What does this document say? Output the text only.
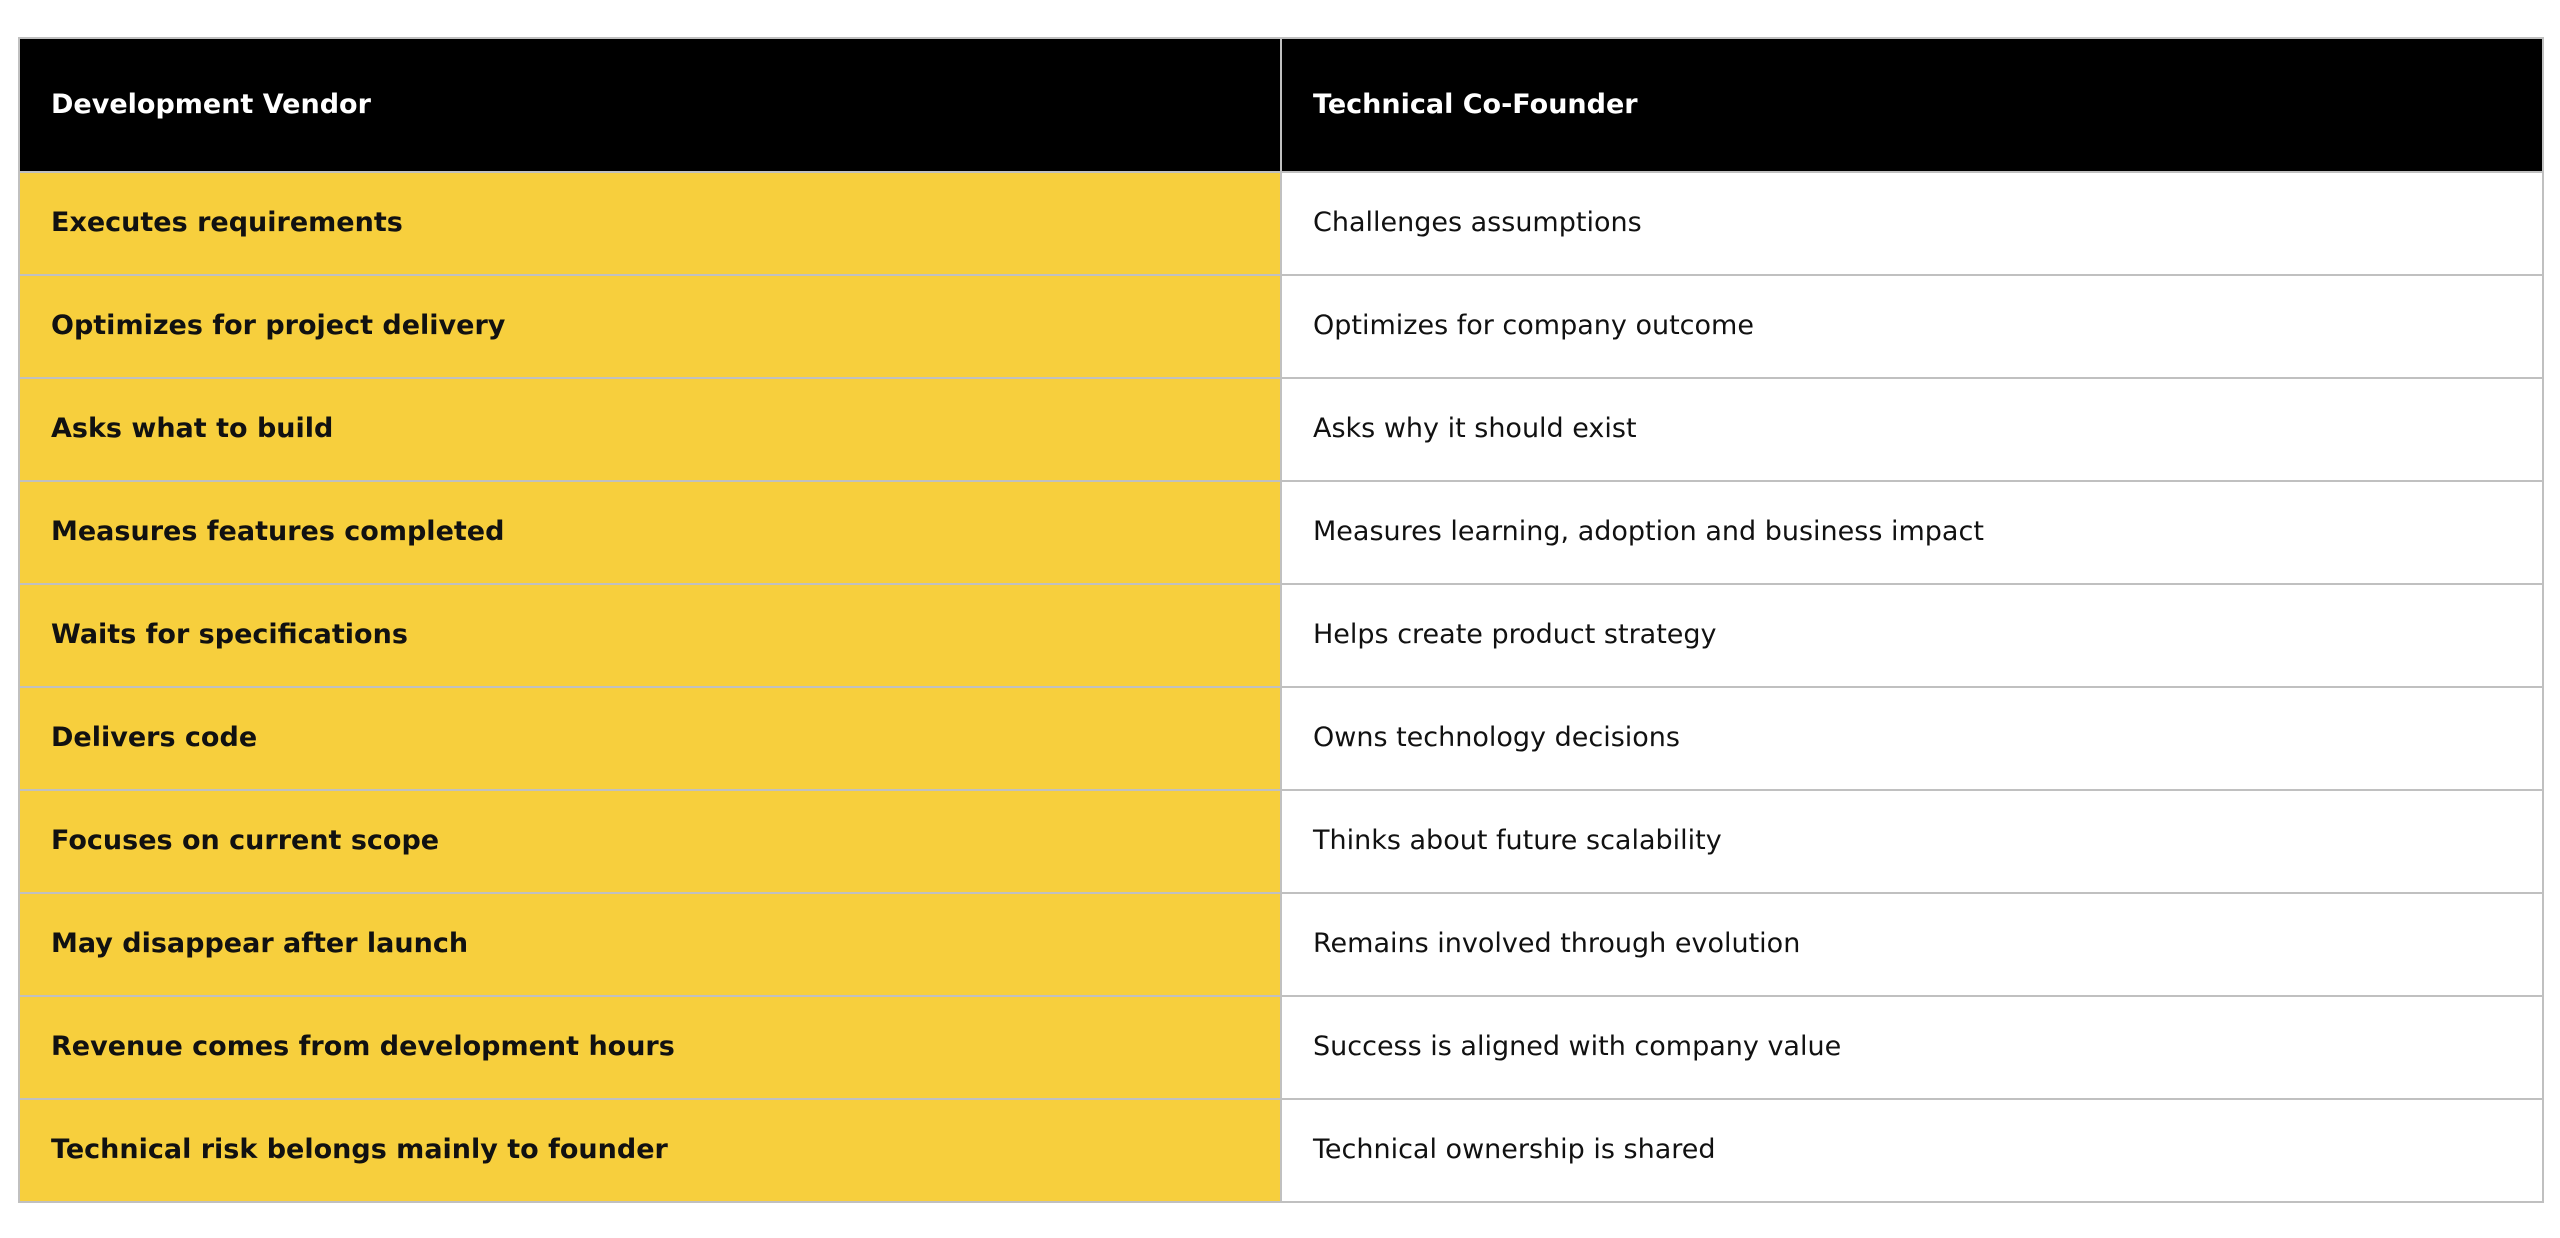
Development Vendor	Technical Co-Founder
Executes requirements	Challenges assumptions
Optimizes for project delivery	Optimizes for company outcome
Asks what to build	Asks why it should exist
Measures features completed	Measures learning, adoption and business impact
Waits for specifications	Helps create product strategy
Delivers code	Owns technology decisions
Focuses on current scope	Thinks about future scalability
May disappear after launch	Remains involved through evolution
Revenue comes from development hours	Success is aligned with company value
Technical risk belongs mainly to founder	Technical ownership is shared
